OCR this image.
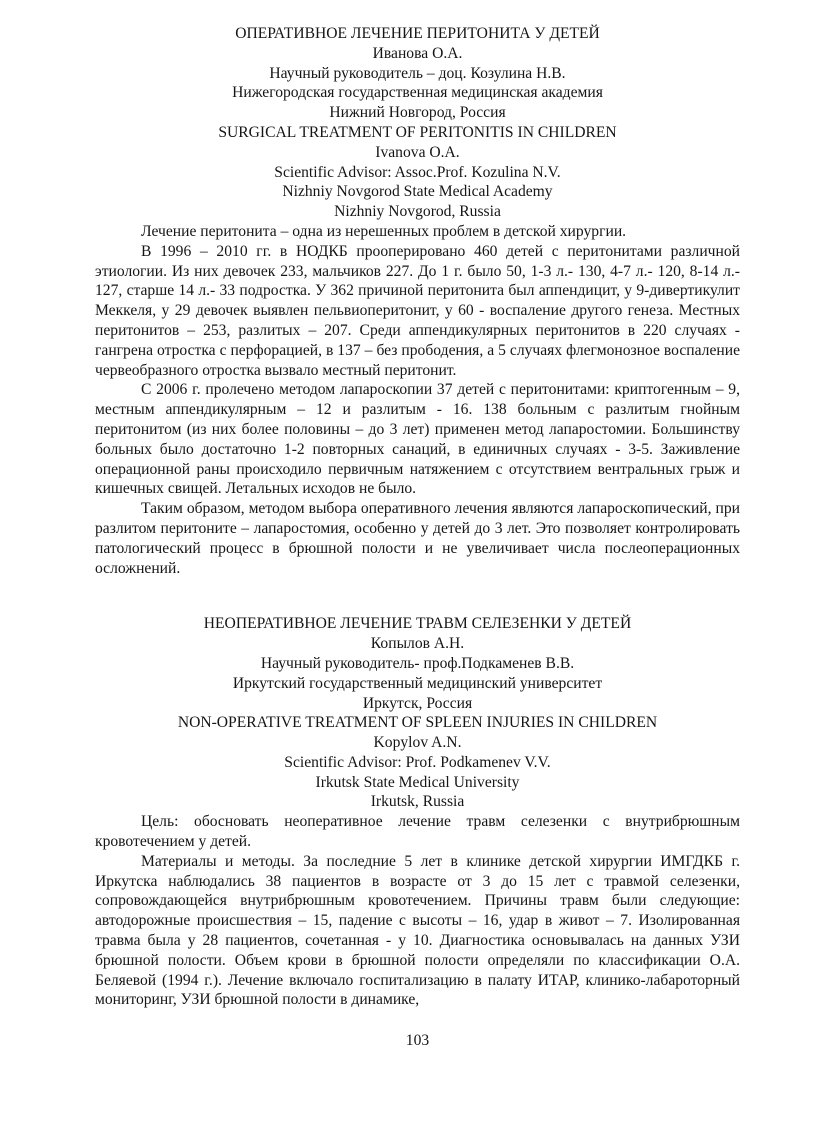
ОПЕРАТИВНОЕ ЛЕЧЕНИЕ ПЕРИТОНИТА У ДЕТЕЙ
Иванова О.А.
Научный руководитель – доц. Козулина Н.В.
Нижегородская государственная медицинская академия
Нижний Новгород, Россия
SURGICAL TREATMENT OF PERITONITIS IN CHILDREN
Ivanova O.A.
Scientific Advisor: Assoc.Prof. Kozulina N.V.
Nizhniy Novgorod State Medical Academy
Nizhniy Novgorod, Russia

Лечение перитонита – одна из нерешенных проблем в детской хирургии.

В 1996 – 2010 гг. в НОДКБ прооперировано 460 детей с перитонитами различной этиологии. Из них девочек 233, мальчиков 227. До 1 г. было 50, 1-3 л.- 130, 4-7 л.- 120, 8-14 л.- 127, старше 14 л.- 33 подростка. У 362 причиной перитонита был аппендицит, у 9-дивертикулит Меккеля, у 29 девочек выявлен пельвиоперитонит, у 60 - воспаление другого генеза. Местных перитонитов – 253, разлитых – 207. Среди аппендикулярных перитонитов в 220 случаях - гангрена отростка с перфорацией, в 137 – без прободения, а 5 случаях флегмонозное воспаление червеобразного отростка вызвало местный перитонит.

С 2006 г. пролечено методом лапароскопии 37 детей с перитонитами: криптогенным – 9, местным аппендикулярным – 12 и разлитым - 16. 138 больным с разлитым гнойным перитонитом (из них более половины – до 3 лет) применен метод лапаростомии. Большинству больных было достаточно 1-2 повторных санаций, в единичных случаях - 3-5. Заживление операционной раны происходило первичным натяжением с отсутствием вентральных грыж и кишечных свищей. Летальных исходов не было.

Таким образом, методом выбора оперативного лечения являются лапароскопический, при разлитом перитоните – лапаростомия, особенно у детей до 3 лет. Это позволяет контролировать патологический процесс в брюшной полости и не увеличивает числа послеоперационных осложнений.

НЕОПЕРАТИВНОЕ ЛЕЧЕНИЕ ТРАВМ СЕЛЕЗЕНКИ У ДЕТЕЙ
Копылов А.Н.
Научный руководитель- проф.Подкаменев В.В.
Иркутский государственный медицинский университет
Иркутск, Россия
NON-OPERATIVE TREATMENT OF SPLEEN INJURIES IN CHILDREN
Kopylov A.N.
Scientific Advisor: Prof. Podkamenev V.V.
Irkutsk State Medical University
Irkutsk, Russia

Цель: обосновать неоперативное лечение травм селезенки с внутрибрюшным кровотечением у детей.

Материалы и методы. За последние 5 лет в клинике детской хирургии ИМГДКБ г. Иркутска наблюдались 38 пациентов в возрасте от 3 до 15 лет с травмой селезенки, сопровождающейся внутрибрюшным кровотечением. Причины травм были следующие: автодорожные происшествия – 15, падение с высоты – 16, удар в живот – 7. Изолированная травма была у 28 пациентов, сочетанная - у 10. Диагностика основывалась на данных УЗИ брюшной полости. Объем крови в брюшной полости определяли по классификации О.А. Беляевой (1994 г.). Лечение включало госпитализацию в палату ИТАР, клинико-лабароторный мониторинг, УЗИ брюшной полости в динамике,

103
